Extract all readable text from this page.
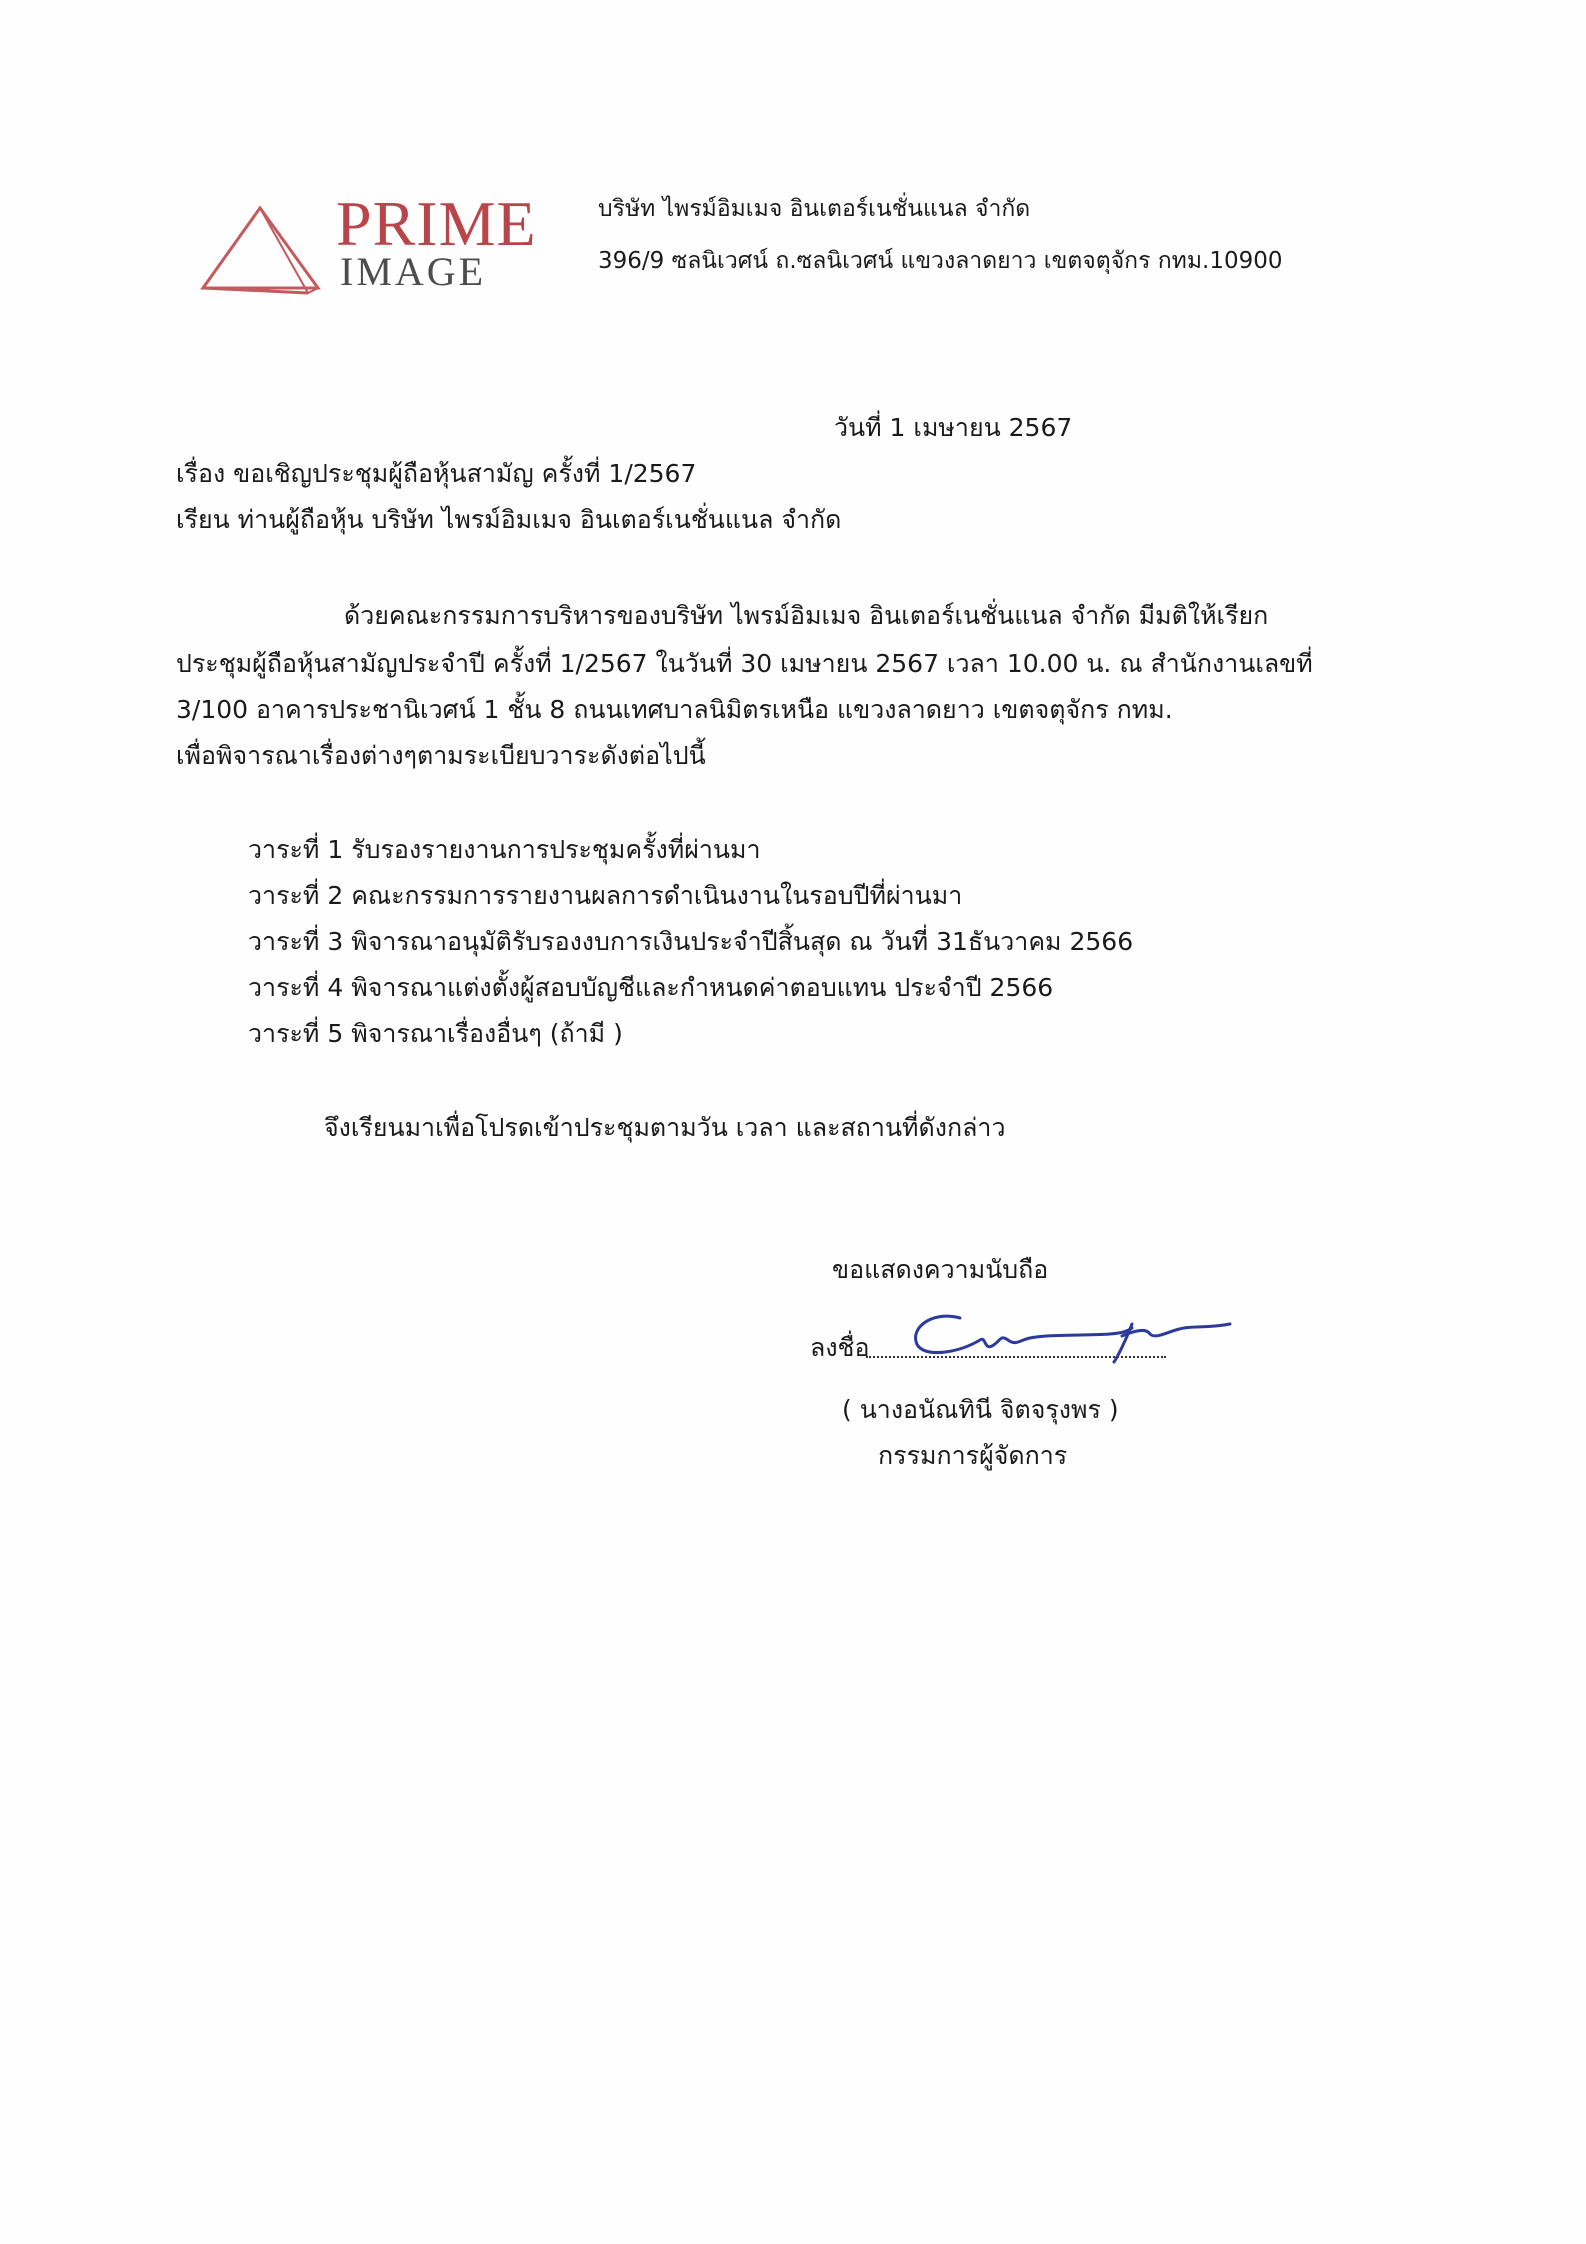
PRIME
IMAGE
บริษัท ไพรม์อิมเมจ อินเตอร์เนชั่นแนล จำกัด
396/9 ซลนิเวศน์ ถ.ซลนิเวศน์ แขวงลาดยาว เขตจตุจักร กทม.10900
วันที่ 1 เมษายน 2567
เรื่อง ขอเชิญประชุมผู้ถือหุ้นสามัญ ครั้งที่ 1/2567
เรียน ท่านผู้ถือหุ้น บริษัท ไพรม์อิมเมจ อินเตอร์เนชั่นแนล จำกัด
ด้วยคณะกรรมการบริหารของบริษัท ไพรม์อิมเมจ อินเตอร์เนชั่นแนล จำกัด มีมติให้เรียก
ประชุมผู้ถือหุ้นสามัญประจำปี ครั้งที่ 1/2567 ในวันที่ 30 เมษายน 2567 เวลา 10.00 น. ณ สำนักงานเลขที่
3/100 อาคารประชานิเวศน์ 1 ชั้น 8 ถนนเทศบาลนิมิตรเหนือ แขวงลาดยาว เขตจตุจักร กทม.
เพื่อพิจารณาเรื่องต่างๆตามระเบียบวาระดังต่อไปนี้
วาระที่ 1 รับรองรายงานการประชุมครั้งที่ผ่านมา
วาระที่ 2 คณะกรรมการรายงานผลการดำเนินงานในรอบปีที่ผ่านมา
วาระที่ 3 พิจารณาอนุมัติรับรองงบการเงินประจำปีสิ้นสุด ณ วันที่ 31ธันวาคม 2566
วาระที่ 4 พิจารณาแต่งตั้งผู้สอบบัญชีและกำหนดค่าตอบแทน ประจำปี 2566
วาระที่ 5 พิจารณาเรื่องอื่นๆ (ถ้ามี )
จึงเรียนมาเพื่อโปรดเข้าประชุมตามวัน เวลา และสถานที่ดังกล่าว
ขอแสดงความนับถือ
ลงชื่อ
( นางอนัณทินี จิตจรุงพร )
กรรมการผู้จัดการ
